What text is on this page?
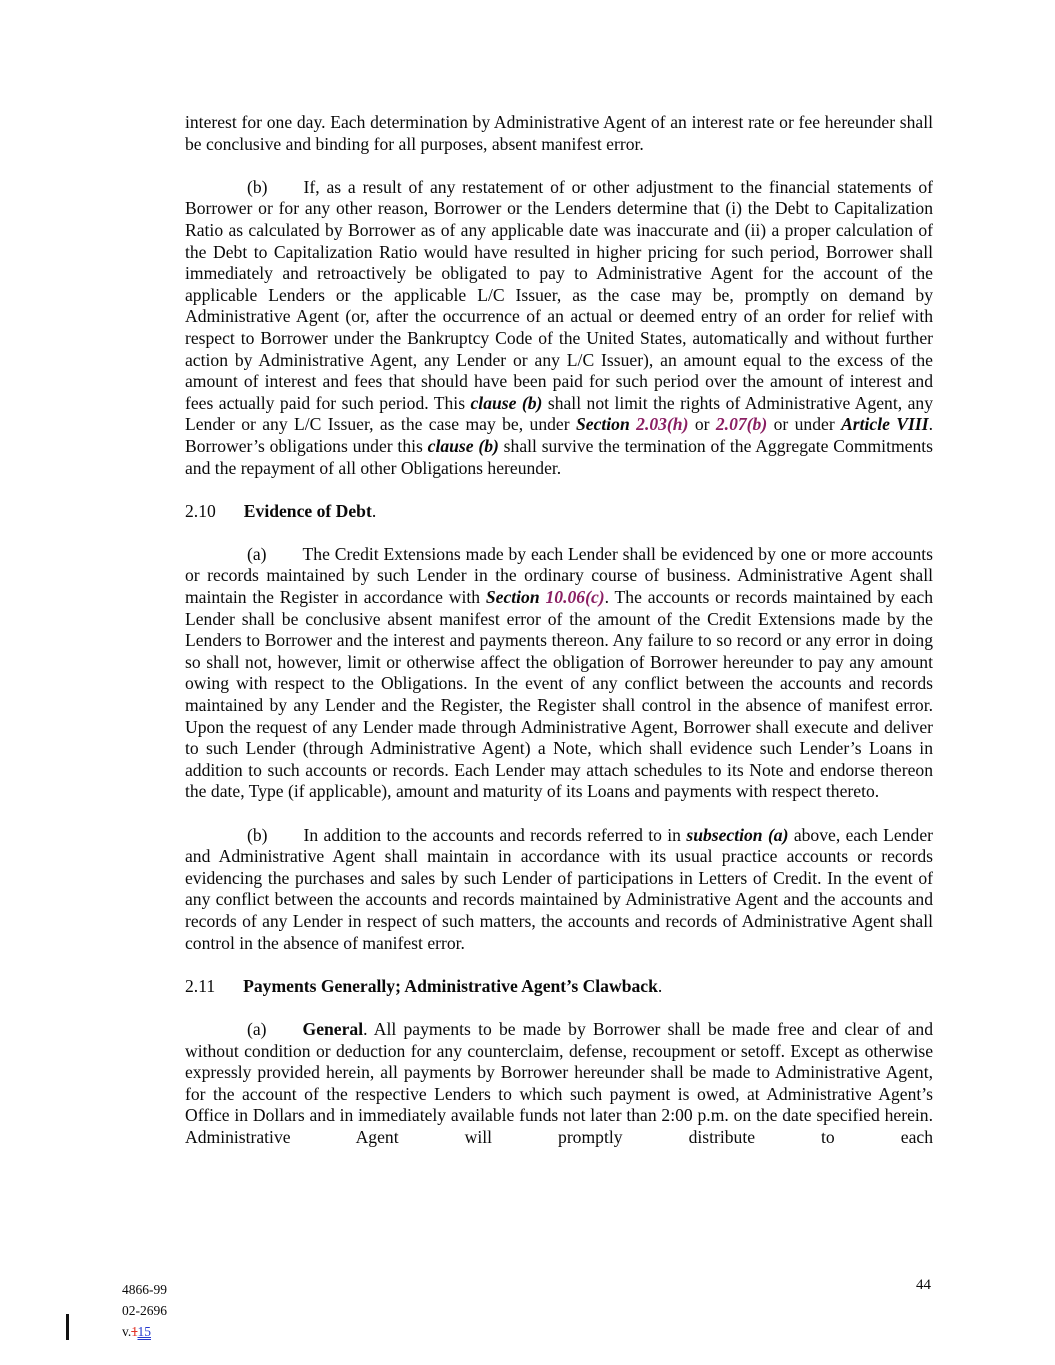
interest for one day. Each determination by Administrative Agent of an interest rate or fee hereunder shall be conclusive and binding for all purposes, absent manifest error.
(b) If, as a result of any restatement of or other adjustment to the financial statements of Borrower or for any other reason, Borrower or the Lenders determine that (i) the Debt to Capitalization Ratio as calculated by Borrower as of any applicable date was inaccurate and (ii) a proper calculation of the Debt to Capitalization Ratio would have resulted in higher pricing for such period, Borrower shall immediately and retroactively be obligated to pay to Administrative Agent for the account of the applicable Lenders or the applicable L/C Issuer, as the case may be, promptly on demand by Administrative Agent (or, after the occurrence of an actual or deemed entry of an order for relief with respect to Borrower under the Bankruptcy Code of the United States, automatically and without further action by Administrative Agent, any Lender or any L/C Issuer), an amount equal to the excess of the amount of interest and fees that should have been paid for such period over the amount of interest and fees actually paid for such period. This clause (b) shall not limit the rights of Administrative Agent, any Lender or any L/C Issuer, as the case may be, under Section 2.03(h) or 2.07(b) or under Article VIII. Borrower’s obligations under this clause (b) shall survive the termination of the Aggregate Commitments and the repayment of all other Obligations hereunder.
2.10 Evidence of Debt.
(a) The Credit Extensions made by each Lender shall be evidenced by one or more accounts or records maintained by such Lender in the ordinary course of business. Administrative Agent shall maintain the Register in accordance with Section 10.06(c). The accounts or records maintained by each Lender shall be conclusive absent manifest error of the amount of the Credit Extensions made by the Lenders to Borrower and the interest and payments thereon. Any failure to so record or any error in doing so shall not, however, limit or otherwise affect the obligation of Borrower hereunder to pay any amount owing with respect to the Obligations. In the event of any conflict between the accounts and records maintained by any Lender and the Register, the Register shall control in the absence of manifest error. Upon the request of any Lender made through Administrative Agent, Borrower shall execute and deliver to such Lender (through Administrative Agent) a Note, which shall evidence such Lender’s Loans in addition to such accounts or records. Each Lender may attach schedules to its Note and endorse thereon the date, Type (if applicable), amount and maturity of its Loans and payments with respect thereto.
(b) In addition to the accounts and records referred to in subsection (a) above, each Lender and Administrative Agent shall maintain in accordance with its usual practice accounts or records evidencing the purchases and sales by such Lender of participations in Letters of Credit. In the event of any conflict between the accounts and records maintained by Administrative Agent and the accounts and records of any Lender in respect of such matters, the accounts and records of Administrative Agent shall control in the absence of manifest error.
2.11 Payments Generally; Administrative Agent’s Clawback.
(a) General. All payments to be made by Borrower shall be made free and clear of and without condition or deduction for any counterclaim, defense, recoupment or setoff. Except as otherwise expressly provided herein, all payments by Borrower hereunder shall be made to Administrative Agent, for the account of the respective Lenders to which such payment is owed, at Administrative Agent’s Office in Dollars and in immediately available funds not later than 2:00 p.m. on the date specified herein. Administrative Agent will promptly distribute to each
4866-99
02-2696
v.115
44
